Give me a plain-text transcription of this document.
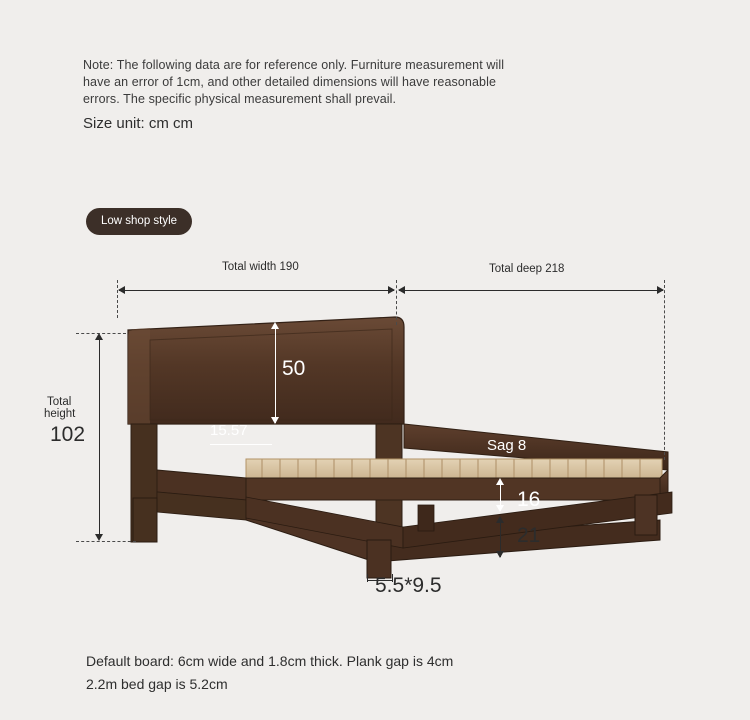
Note: The following data are for reference only. Furniture measurement will have an error of 1cm, and other detailed dimensions will have reasonable errors. The specific physical measurement shall prevail.
Size unit: cm cm
Low shop style
Total width 190	Total deep 218
Total
height
102
50
15.57
Sag 8
16
21
5.5*9.5
Default board: 6cm wide and 1.8cm thick. Plank gap is 4cm
2.2m bed gap is 5.2cm
